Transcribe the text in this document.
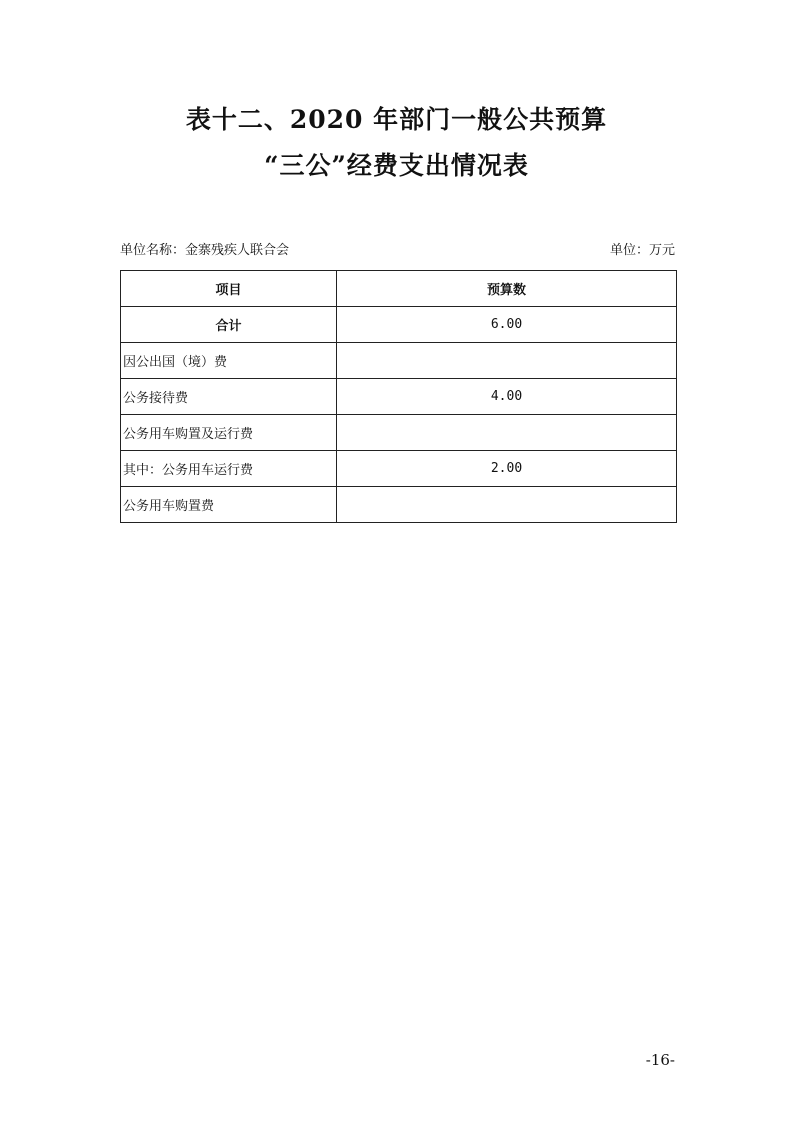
表十二、2020 年部门一般公共预算
“三公”经费支出情况表
单位名称：金寨残疾人联合会	单位：万元
项目	预算数
合计	6.00
因公出国（境）费	
公务接待费	4.00
公务用车购置及运行费	
其中：公务用车运行费	2.00
公务用车购置费	
-16-
